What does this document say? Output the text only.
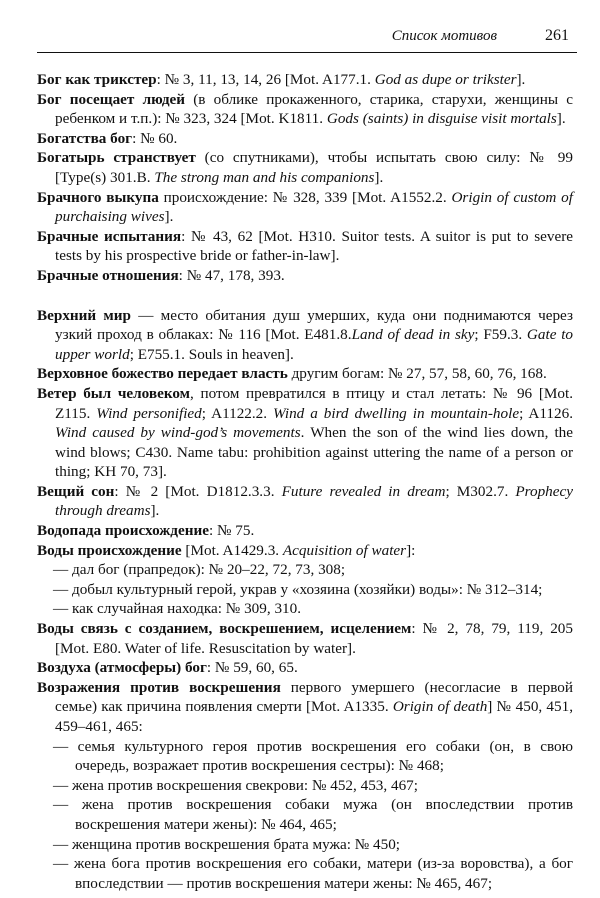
Список мотивов	261

Бог как трикстер: № 3, 11, 13, 14, 26 [Mot. A177.1. God as dupe or trikster].

Бог посещает людей (в облике прокаженного, старика, старухи, женщины с ребенком и т.п.): № 323, 324 [Mot. K1811. Gods (saints) in disguise visit mortals].

Богатства бог: № 60.

Богатырь странствует (со спутниками), чтобы испытать свою силу: № 99 [Type(s) 301.B. The strong man and his companions].

Брачного выкупа происхождение: № 328, 339 [Mot. A1552.2. Origin of custom of purchaising wives].

Брачные испытания: № 43, 62 [Mot. H310. Suitor tests. A suitor is put to severe tests by his prospective bride or father-in-law].

Брачные отношения: № 47, 178, 393.

Верхний мир — место обитания душ умерших, куда они поднимаются через узкий проход в облаках: № 116 [Mot. E481.8.Land of dead in sky; F59.3. Gate to upper world; E755.1. Souls in heaven].

Верховное божество передает власть другим богам: № 27, 57, 58, 60, 76, 168.

Ветер был человеком, потом превратился в птицу и стал летать: № 96 [Mot. Z115. Wind personified; A1122.2. Wind a bird dwelling in mountain-hole; A1126. Wind caused by wind-god’s movements. When the son of the wind lies down, the wind blows; C430. Name tabu: prohibition against uttering the name of a person or thing; KH 70, 73].

Вещий сон: № 2 [Mot. D1812.3.3. Future revealed in dream; M302.7. Prophecy through dreams].

Водопада происхождение: № 75.

Воды происхождение [Mot. A1429.3. Acquisition of water]:

— дал бог (прапредок): № 20–22, 72, 73, 308;

— добыл культурный герой, украв у «хозяина (хозяйки) воды»: № 312–314;

— как случайная находка: № 309, 310.

Воды связь с созданием, воскрешением, исцелением: № 2, 78, 79, 119, 205 [Mot. E80. Water of life. Resuscitation by water].

Воздуха (атмосферы) бог: № 59, 60, 65.

Возражения против воскрешения первого умершего (несогласие в первой семье) как причина появления смерти [Mot. A1335. Origin of death] № 450, 451, 459–461, 465:

— семья культурного героя против воскрешения его собаки (он, в свою очередь, возражает против воскрешения сестры): № 468;

— жена против воскрешения свекрови: № 452, 453, 467;

— жена против воскрешения собаки мужа (он впоследствии против воскрешения матери жены): № 464, 465;

— женщина против воскрешения брата мужа: № 450;

— жена бога против воскрешения его собаки, матери (из-за воровства), а бог впоследствии — против воскрешения матери жены: № 465, 467;
